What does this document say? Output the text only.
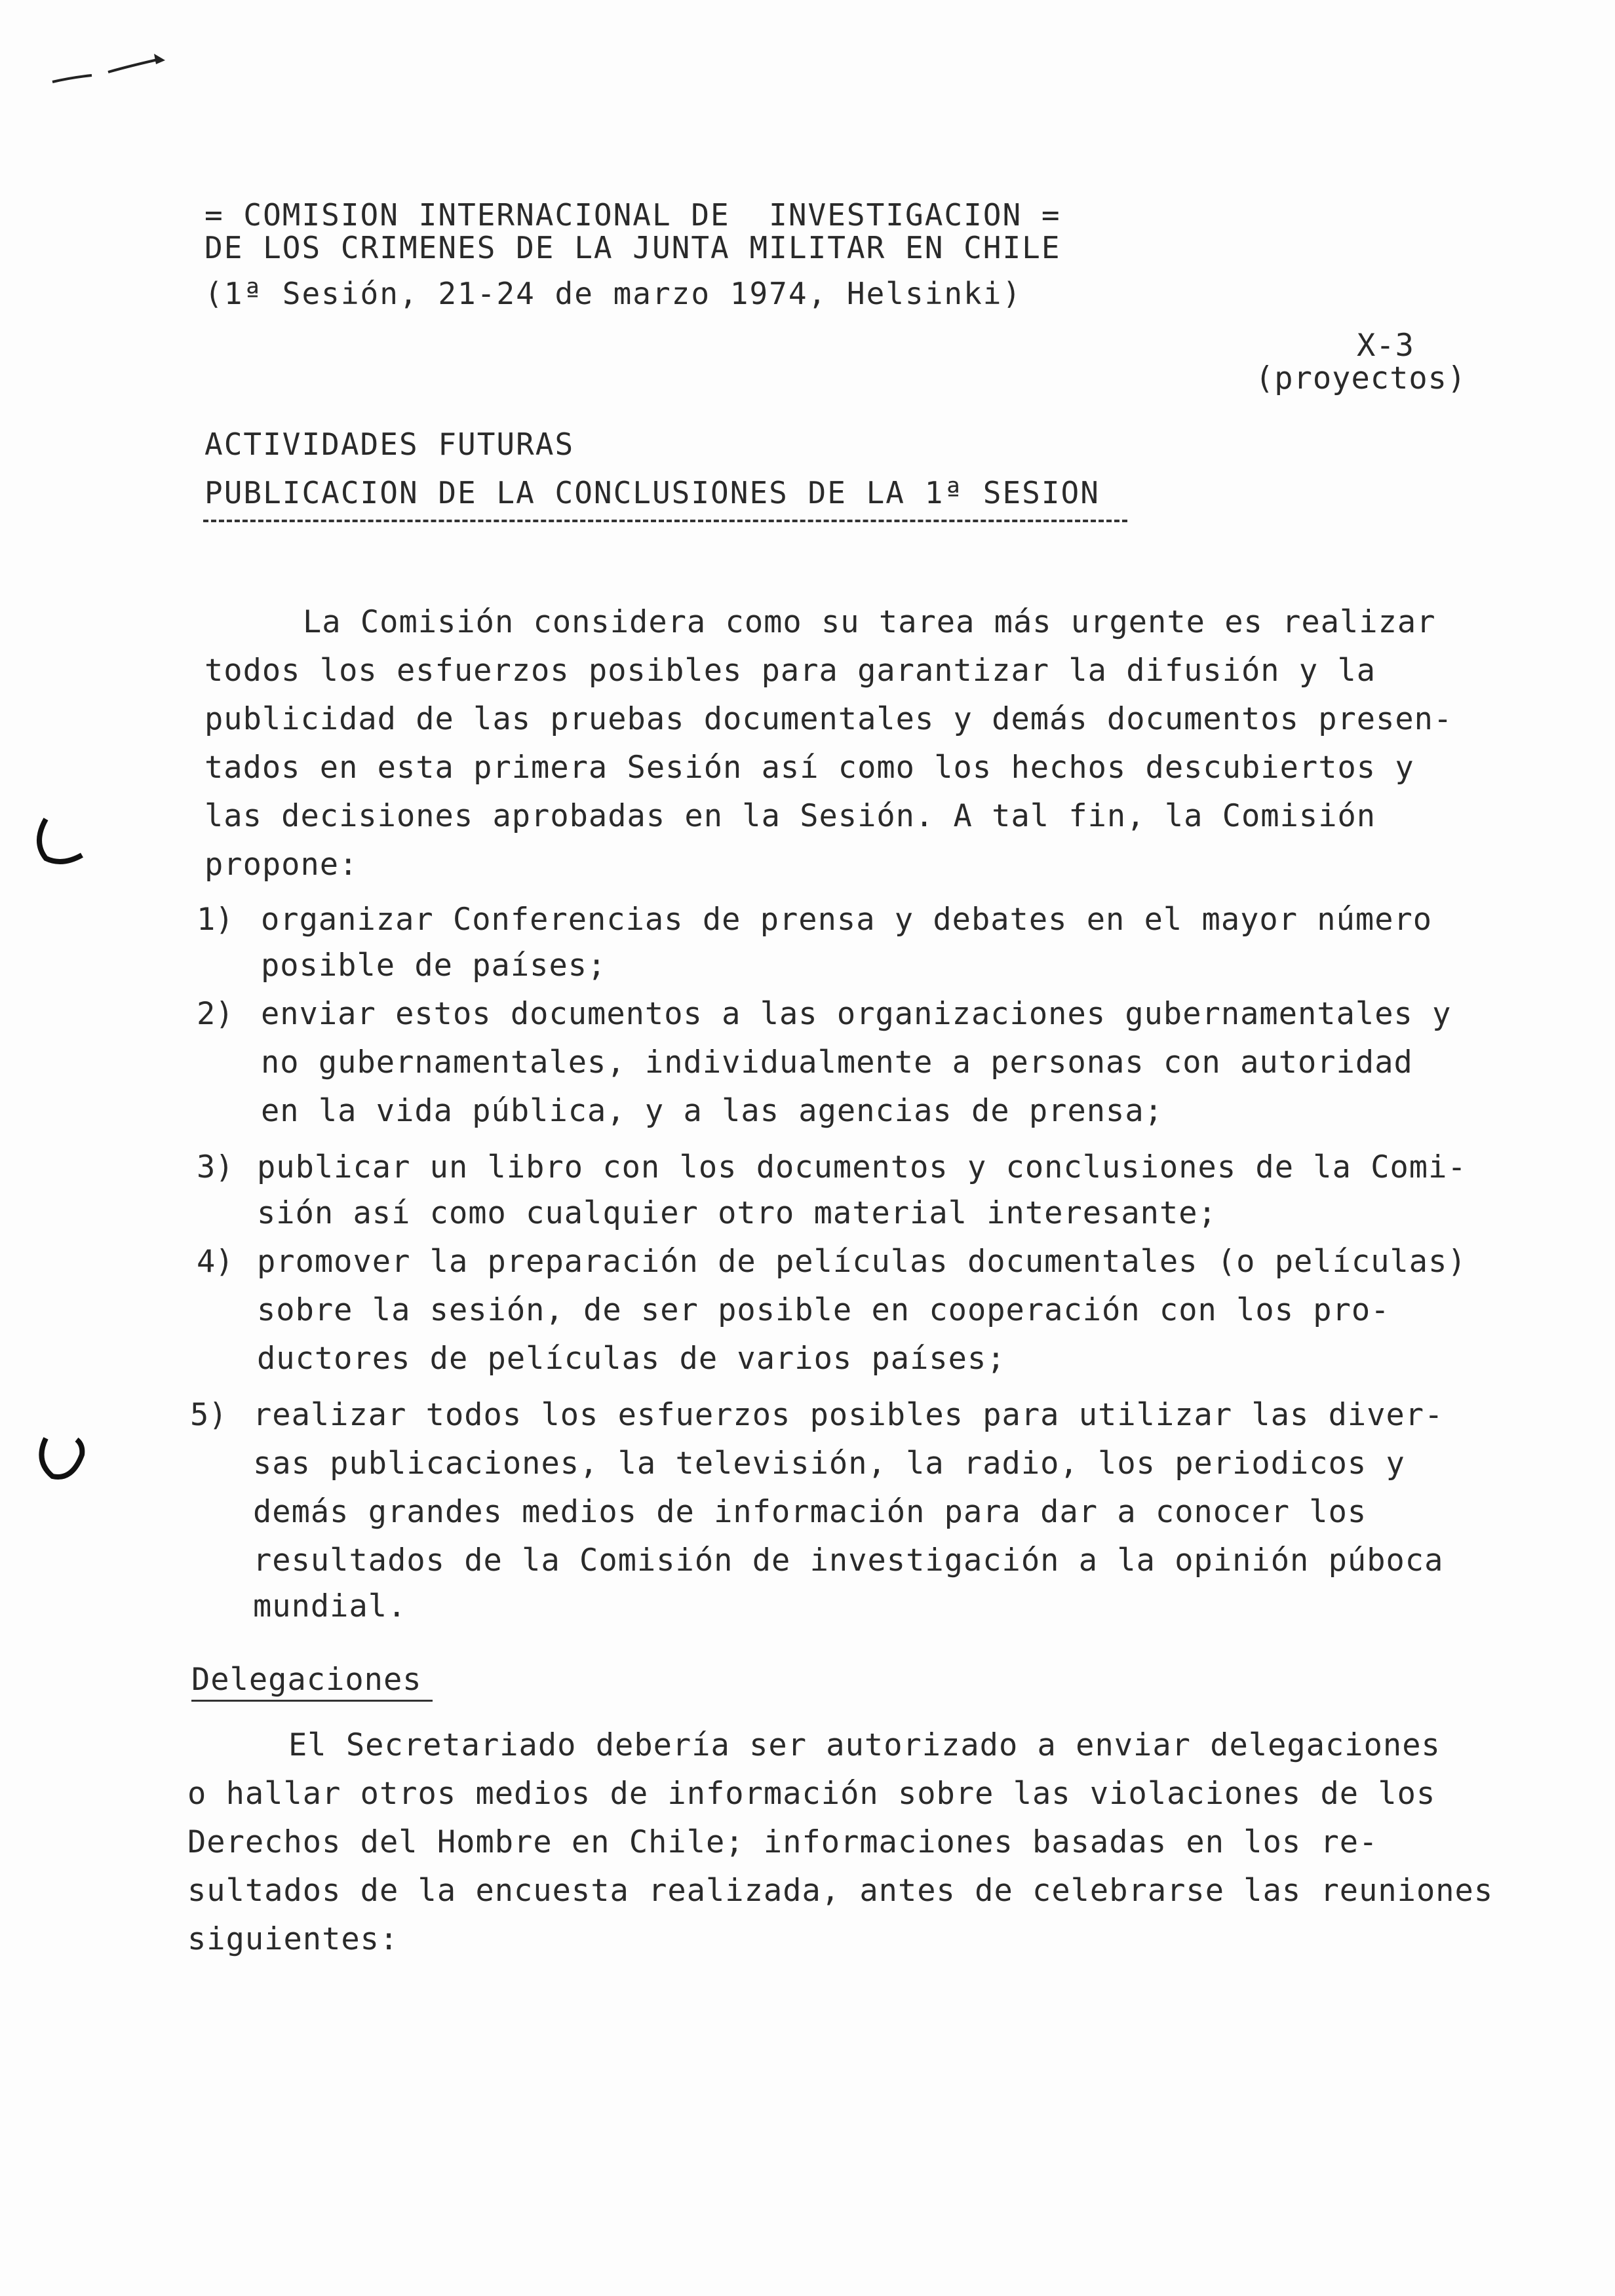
= COMISION INTERNACIONAL DE  INVESTIGACION =
DE LOS CRIMENES DE LA JUNTA MILITAR EN CHILE
(1ª Sesión, 21-24 de marzo 1974, Helsinki)
X-3
(proyectos)
ACTIVIDADES FUTURAS
PUBLICACION DE LA CONCLUSIONES DE LA 1ª SESION
La Comisión considera como su tarea más urgente es realizar
todos los esfuerzos posibles para garantizar la difusión y la
publicidad de las pruebas documentales y demás documentos presen-
tados en esta primera Sesión así como los hechos descubiertos y
las decisiones aprobadas en la Sesión. A tal fin, la Comisión
propone:
1) organizar Conferencias de prensa y debates en el mayor número
posible de países;
2) enviar estos documentos a las organizaciones gubernamentales y
no gubernamentales, individualmente a personas con autoridad
en la vida pública, y a las agencias de prensa;
3) publicar un libro con los documentos y conclusiones de la Comi-
sión así como cualquier otro material interesante;
4) promover la preparación de películas documentales (o películas)
sobre la sesión, de ser posible en cooperación con los pro-
ductores de películas de varios países;
5) realizar todos los esfuerzos posibles para utilizar las diver-
sas publicaciones, la televisión, la radio, los periodicos y
demás grandes medios de información para dar a conocer los
resultados de la Comisión de investigación a la opinión púboca
mundial.
Delegaciones
El Secretariado debería ser autorizado a enviar delegaciones
o hallar otros medios de información sobre las violaciones de los
Derechos del Hombre en Chile; informaciones basadas en los re-
sultados de la encuesta realizada, antes de celebrarse las reuniones
siguientes:
